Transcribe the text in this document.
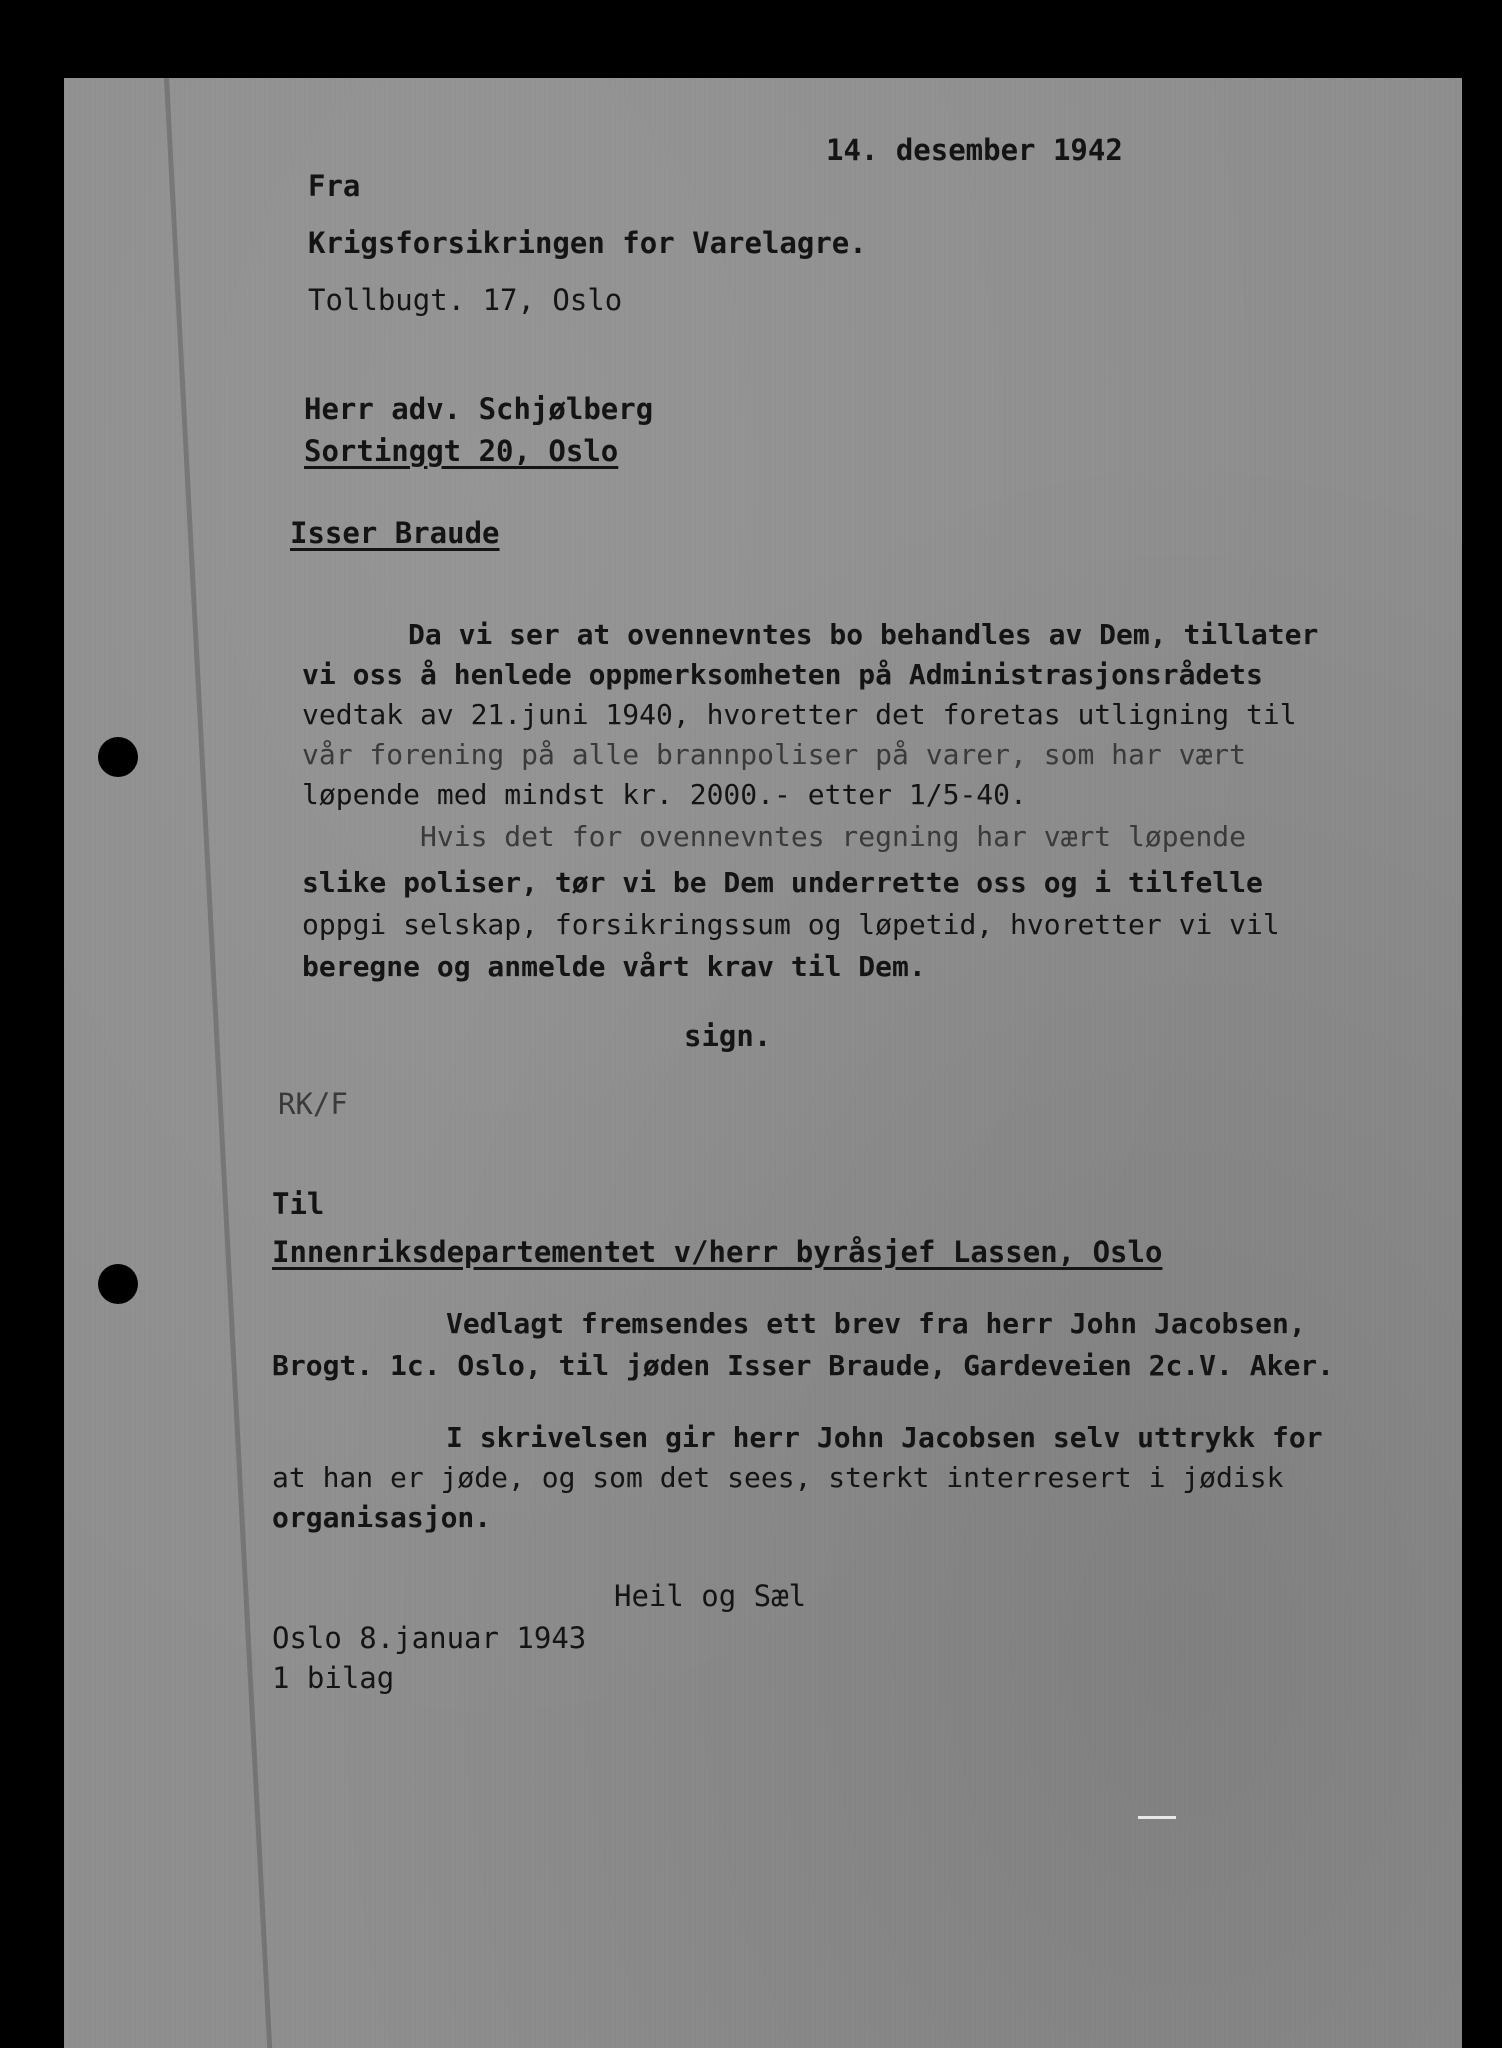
14. desember 1942
Fra
Krigsforsikringen for Varelagre.
Tollbugt. 17, Oslo
Herr adv. Schjølberg
Sortinggt 20, Oslo
Isser Braude
Da vi ser at ovennevntes bo behandles av Dem, tillater
vi oss å henlede oppmerksomheten på Administrasjonsrådets
vedtak av 21.juni 1940, hvoretter det foretas utligning til
vår forening på alle brannpoliser på varer, som har vært
løpende med mindst kr. 2000.- etter 1/5-40.
Hvis det for ovennevntes regning har vært løpende
slike poliser, tør vi be Dem underrette oss og i tilfelle
oppgi selskap, forsikringssum og løpetid, hvoretter vi vil
beregne og anmelde vårt krav til Dem.
sign.
RK/F
Til
Innenriksdepartementet v/herr byråsjef Lassen, Oslo
Vedlagt fremsendes ett brev fra herr John Jacobsen,
Brogt. 1c. Oslo, til jøden Isser Braude, Gardeveien 2c.V. Aker.
I skrivelsen gir herr John Jacobsen selv uttrykk for
at han er jøde, og som det sees, sterkt interresert i jødisk
organisasjon.
Heil og Sæl
Oslo 8.januar 1943
1 bilag
